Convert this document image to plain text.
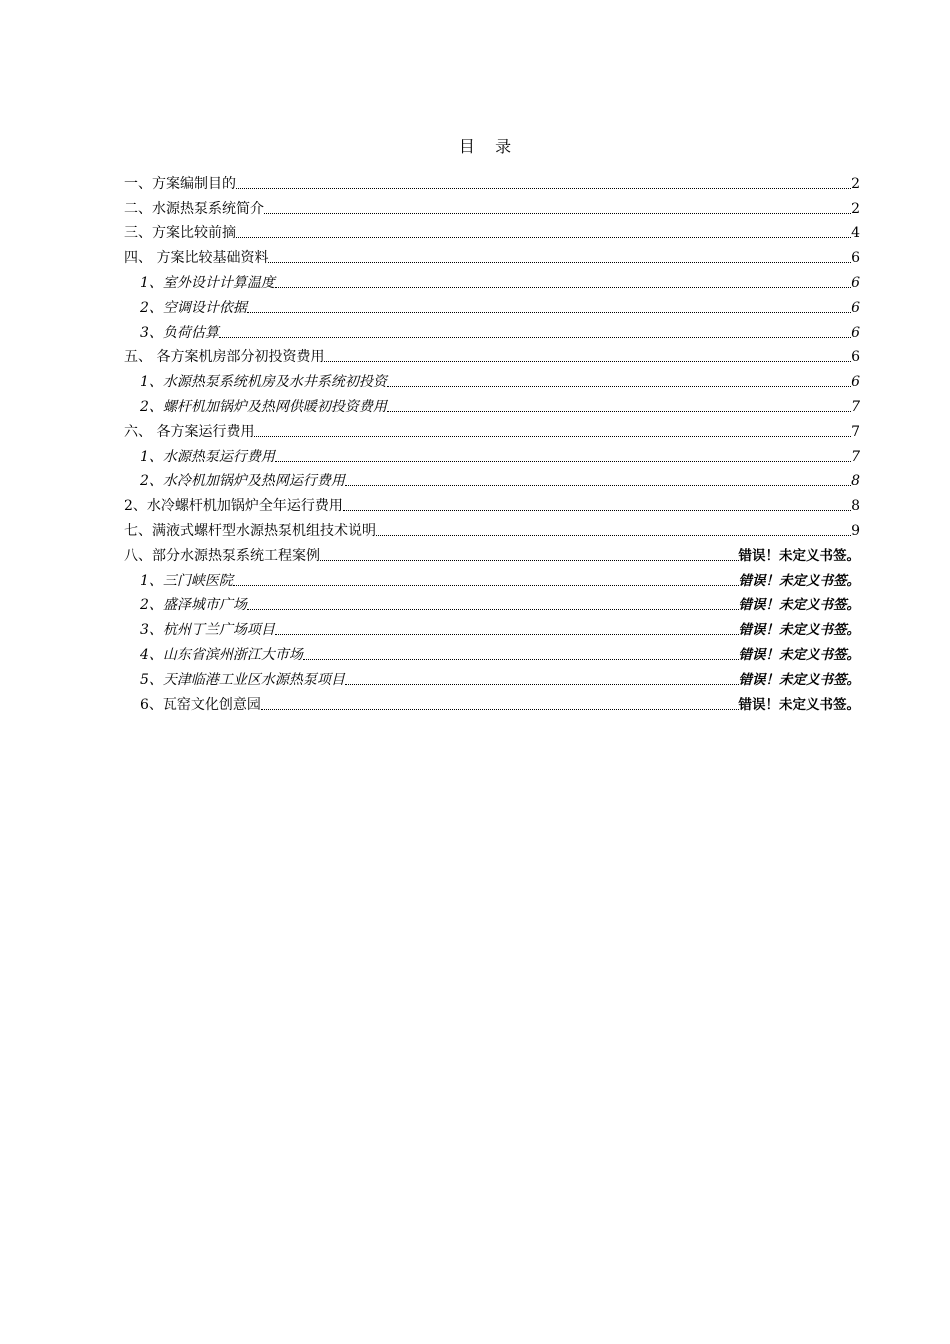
目    录
一、方案编制目的	2
二、水源热泵系统简介	2
三、方案比较前摘	4
四、 方案比较基础资料	6
1、室外设计计算温度	6
2、空调设计依据	6
3、负荷估算	6
五、 各方案机房部分初投资费用	6
1、水源热泵系统机房及水井系统初投资	6
2、螺杆机加锅炉及热网供暖初投资费用	7
六、 各方案运行费用	7
1、水源热泵运行费用	7
2、水冷机加锅炉及热网运行费用	8
2、水冷螺杆机加锅炉全年运行费用	8
七、满液式螺杆型水源热泵机组技术说明	9
八、部分水源热泵系统工程案例	错误！未定义书签。
1、三门峡医院	错误！未定义书签。
2、盛泽城市广场	错误！未定义书签。
3、杭州丁兰广场项目	错误！未定义书签。
4、山东省滨州浙江大市场	错误！未定义书签。
5、天津临港工业区水源热泵项目	错误！未定义书签。
6、瓦窑文化创意园	错误！未定义书签。
